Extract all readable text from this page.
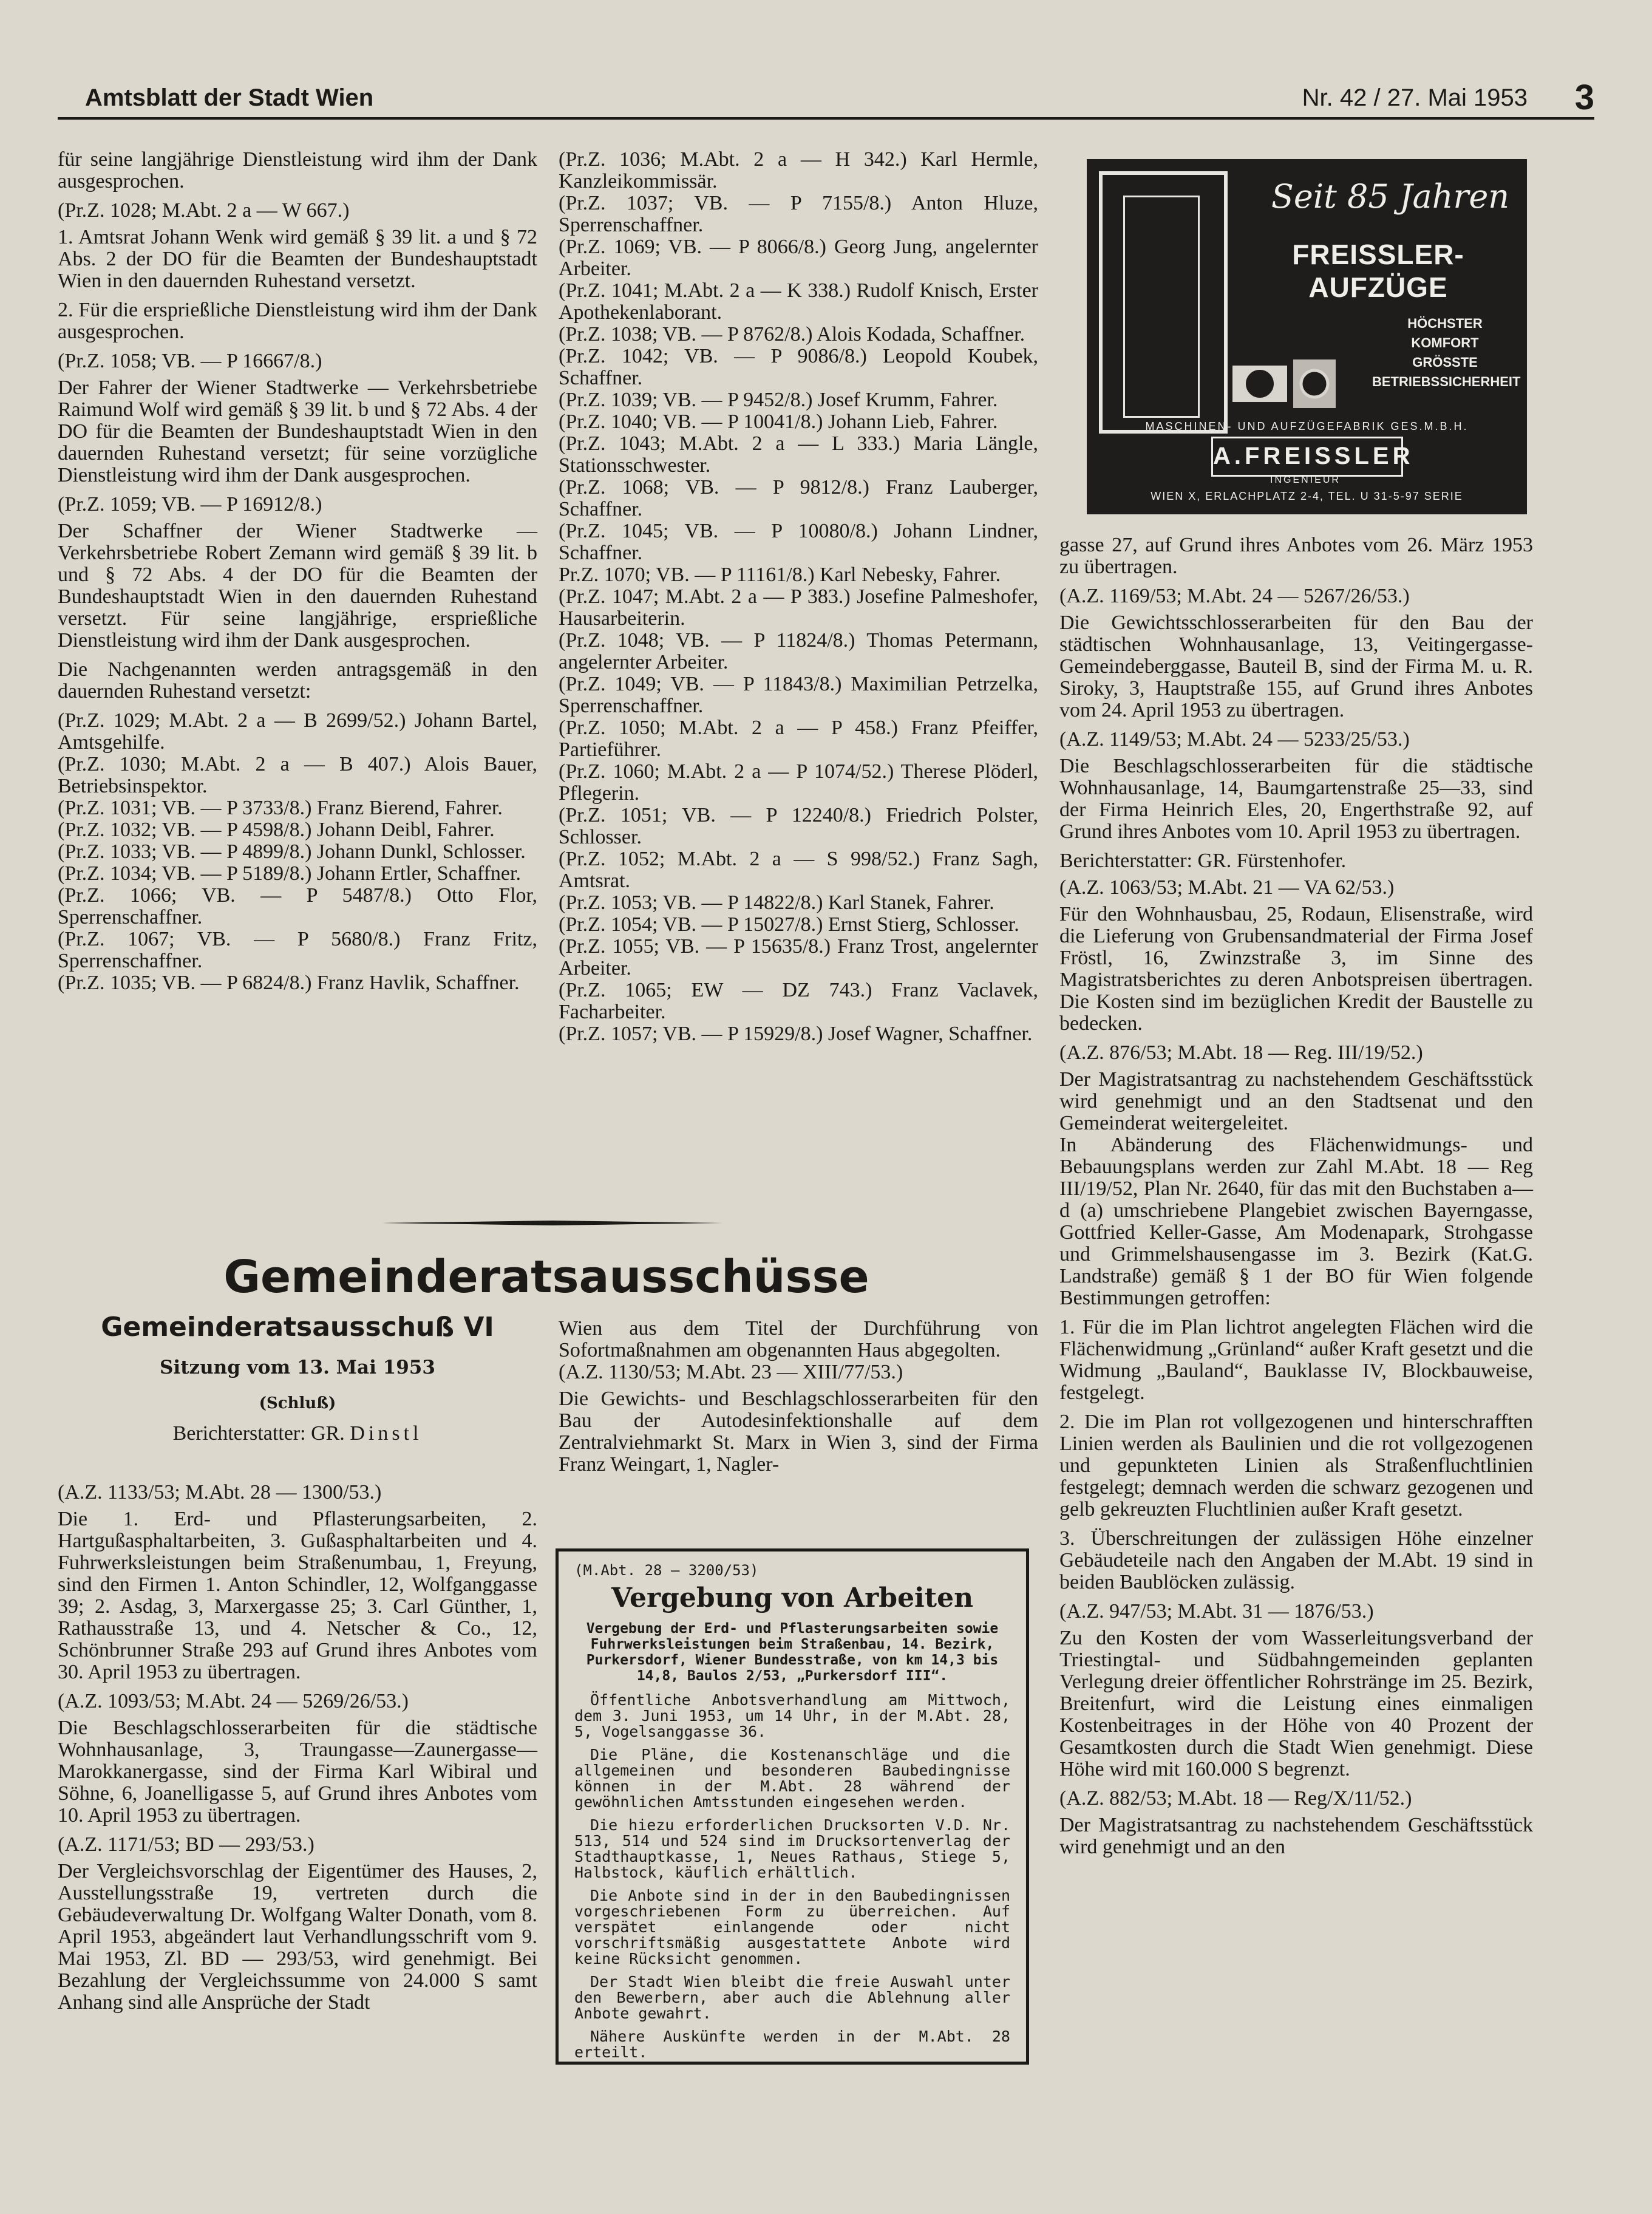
Amtsblatt der Stadt Wien	Nr. 42 / 27. Mai 1953 3

für seine langjährige Dienstleistung wird ihm der Dank ausgesprochen.

(Pr.Z. 1028; M.Abt. 2 a — W 667.)

1. Amtsrat Johann Wenk wird gemäß § 39 lit. a und § 72 Abs. 2 der DO für die Beamten der Bundeshauptstadt Wien in den dauernden Ruhestand versetzt.

2. Für die ersprießliche Dienstleistung wird ihm der Dank ausgesprochen.

(Pr.Z. 1058; VB. — P 16667/8.)

Der Fahrer der Wiener Stadtwerke — Verkehrsbetriebe Raimund Wolf wird gemäß § 39 lit. b und § 72 Abs. 4 der DO für die Beamten der Bundeshauptstadt Wien in den dauernden Ruhestand versetzt; für seine vorzügliche Dienstleistung wird ihm der Dank ausgesprochen.

(Pr.Z. 1059; VB. — P 16912/8.)

Der Schaffner der Wiener Stadtwerke — Verkehrsbetriebe Robert Zemann wird gemäß § 39 lit. b und § 72 Abs. 4 der DO für die Beamten der Bundeshauptstadt Wien in den dauernden Ruhestand versetzt. Für seine langjährige, ersprießliche Dienstleistung wird ihm der Dank ausgesprochen.

Die Nachgenannten werden antragsgemäß in den dauernden Ruhestand versetzt:

(Pr.Z. 1029; M.Abt. 2 a — B 2699/52.) Johann Bartel, Amtsgehilfe.

(Pr.Z. 1030; M.Abt. 2 a — B 407.) Alois Bauer, Betriebsinspektor.

(Pr.Z. 1031; VB. — P 3733/8.) Franz Bierend, Fahrer.

(Pr.Z. 1032; VB. — P 4598/8.) Johann Deibl, Fahrer.

(Pr.Z. 1033; VB. — P 4899/8.) Johann Dunkl, Schlosser.

(Pr.Z. 1034; VB. — P 5189/8.) Johann Ertler, Schaffner.

(Pr.Z. 1066; VB. — P 5487/8.) Otto Flor, Sperrenschaffner.

(Pr.Z. 1067; VB. — P 5680/8.) Franz Fritz, Sperrenschaffner.

(Pr.Z. 1035; VB. — P 6824/8.) Franz Havlik, Schaffner.

(Pr.Z. 1036; M.Abt. 2 a — H 342.) Karl Hermle, Kanzleikommissär.

(Pr.Z. 1037; VB. — P 7155/8.) Anton Hluze, Sperrenschaffner.

(Pr.Z. 1069; VB. — P 8066/8.) Georg Jung, angelernter Arbeiter.

(Pr.Z. 1041; M.Abt. 2 a — K 338.) Rudolf Knisch, Erster Apothekenlaborant.

(Pr.Z. 1038; VB. — P 8762/8.) Alois Kodada, Schaffner.

(Pr.Z. 1042; VB. — P 9086/8.) Leopold Koubek, Schaffner.

(Pr.Z. 1039; VB. — P 9452/8.) Josef Krumm, Fahrer.

(Pr.Z. 1040; VB. — P 10041/8.) Johann Lieb, Fahrer.

(Pr.Z. 1043; M.Abt. 2 a — L 333.) Maria Längle, Stationsschwester.

(Pr.Z. 1068; VB. — P 9812/8.) Franz Lauberger, Schaffner.

(Pr.Z. 1045; VB. — P 10080/8.) Johann Lindner, Schaffner.

Pr.Z. 1070; VB. — P 11161/8.) Karl Nebesky, Fahrer.

(Pr.Z. 1047; M.Abt. 2 a — P 383.) Josefine Palmeshofer, Hausarbeiterin.

(Pr.Z. 1048; VB. — P 11824/8.) Thomas Petermann, angelernter Arbeiter.

(Pr.Z. 1049; VB. — P 11843/8.) Maximilian Petrzelka, Sperrenschaffner.

(Pr.Z. 1050; M.Abt. 2 a — P 458.) Franz Pfeiffer, Partieführer.

(Pr.Z. 1060; M.Abt. 2 a — P 1074/52.) Therese Plöderl, Pflegerin.

(Pr.Z. 1051; VB. — P 12240/8.) Friedrich Polster, Schlosser.

(Pr.Z. 1052; M.Abt. 2 a — S 998/52.) Franz Sagh, Amtsrat.

(Pr.Z. 1053; VB. — P 14822/8.) Karl Stanek, Fahrer.

(Pr.Z. 1054; VB. — P 15027/8.) Ernst Stierg, Schlosser.

(Pr.Z. 1055; VB. — P 15635/8.) Franz Trost, angelernter Arbeiter.

(Pr.Z. 1065; EW — DZ 743.) Franz Vaclavek, Facharbeiter.

(Pr.Z. 1057; VB. — P 15929/8.) Josef Wagner, Schaffner.

Seit 85 Jahren
FREISSLER-AUFZÜGE
HÖCHSTER KOMFORT
GRÖSSTE
BETRIEBSSICHERHEIT
MASCHINEN- UND AUFZÜGEFABRIK GES.M.B.H.
A.FREISSLER
INGENIEUR
WIEN X, ERLACHPLATZ 2-4, TEL. U 31-5-97 SERIE

gasse 27, auf Grund ihres Anbotes vom 26. März 1953 zu übertragen.

(A.Z. 1169/53; M.Abt. 24 — 5267/26/53.)

Die Gewichtsschlosserarbeiten für den Bau der städtischen Wohnhausanlage, 13, Veitingergasse-Gemeindeberggasse, Bauteil B, sind der Firma M. u. R. Siroky, 3, Hauptstraße 155, auf Grund ihres Anbotes vom 24. April 1953 zu übertragen.

(A.Z. 1149/53; M.Abt. 24 — 5233/25/53.)

Die Beschlagschlosserarbeiten für die städtische Wohnhausanlage, 14, Baumgartenstraße 25—33, sind der Firma Heinrich Eles, 20, Engerthstraße 92, auf Grund ihres Anbotes vom 10. April 1953 zu übertragen.

Berichterstatter: GR. Fürstenhofer.

(A.Z. 1063/53; M.Abt. 21 — VA 62/53.)

Für den Wohnhausbau, 25, Rodaun, Elisenstraße, wird die Lieferung von Grubensandmaterial der Firma Josef Fröstl, 16, Zwinzstraße 3, im Sinne des Magistratsberichtes zu deren Anbotspreisen übertragen. Die Kosten sind im bezüglichen Kredit der Baustelle zu bedecken.

(A.Z. 876/53; M.Abt. 18 — Reg. III/19/52.)

Der Magistratsantrag zu nachstehendem Geschäftsstück wird genehmigt und an den Stadtsenat und den Gemeinderat weitergeleitet.

In Abänderung des Flächenwidmungs- und Bebauungsplans werden zur Zahl M.Abt. 18 — Reg III/19/52, Plan Nr. 2640, für das mit den Buchstaben a—d (a) umschriebene Plangebiet zwischen Bayerngasse, Gottfried Keller-Gasse, Am Modenapark, Strohgasse und Grimmelshausengasse im 3. Bezirk (Kat.G. Landstraße) gemäß § 1 der BO für Wien folgende Bestimmungen getroffen:

1. Für die im Plan lichtrot angelegten Flächen wird die Flächenwidmung „Grünland“ außer Kraft gesetzt und die Widmung „Bauland“, Bauklasse IV, Blockbauweise, festgelegt.

2. Die im Plan rot vollgezogenen und hinterschrafften Linien werden als Baulinien und die rot vollgezogenen und gepunkteten Linien als Straßenfluchtlinien festgelegt; demnach werden die schwarz gezogenen und gelb gekreuzten Fluchtlinien außer Kraft gesetzt.

3. Überschreitungen der zulässigen Höhe einzelner Gebäudeteile nach den Angaben der M.Abt. 19 sind in beiden Baublöcken zulässig.

(A.Z. 947/53; M.Abt. 31 — 1876/53.)

Zu den Kosten der vom Wasserleitungsverband der Triestingtal- und Südbahngemeinden geplanten Verlegung dreier öffentlicher Rohrstränge im 25. Bezirk, Breitenfurt, wird die Leistung eines einmaligen Kostenbeitrages in der Höhe von 40 Prozent der Gesamtkosten durch die Stadt Wien genehmigt. Diese Höhe wird mit 160.000 S begrenzt.

(A.Z. 882/53; M.Abt. 18 — Reg/X/11/52.)

Der Magistratsantrag zu nachstehendem Geschäftsstück wird genehmigt und an den

Gemeinderatsausschüsse
Gemeinderatsausschuß VI
Sitzung vom 13. Mai 1953
(Schluß)
Berichterstatter: GR. Dinstl

(A.Z. 1133/53; M.Abt. 28 — 1300/53.)

Die 1. Erd- und Pflasterungsarbeiten, 2. Hartgußasphaltarbeiten, 3. Gußasphaltarbeiten und 4. Fuhrwerksleistungen beim Straßenumbau, 1, Freyung, sind den Firmen 1. Anton Schindler, 12, Wolfganggasse 39; 2. Asdag, 3, Marxergasse 25; 3. Carl Günther, 1, Rathausstraße 13, und 4. Netscher & Co., 12, Schönbrunner Straße 293 auf Grund ihres Anbotes vom 30. April 1953 zu übertragen.

(A.Z. 1093/53; M.Abt. 24 — 5269/26/53.)

Die Beschlagschlosserarbeiten für die städtische Wohnhausanlage, 3, Traungasse—Zaunergasse—Marokkanergasse, sind der Firma Karl Wibiral und Söhne, 6, Joanelligasse 5, auf Grund ihres Anbotes vom 10. April 1953 zu übertragen.

(A.Z. 1171/53; BD — 293/53.)

Der Vergleichsvorschlag der Eigentümer des Hauses, 2, Ausstellungsstraße 19, vertreten durch die Gebäudeverwaltung Dr. Wolfgang Walter Donath, vom 8. April 1953, abgeändert laut Verhandlungsschrift vom 9. Mai 1953, Zl. BD — 293/53, wird genehmigt. Bei Bezahlung der Vergleichssumme von 24.000 S samt Anhang sind alle Ansprüche der Stadt

Wien aus dem Titel der Durchführung von Sofortmaßnahmen am obgenannten Haus abgegolten.

(A.Z. 1130/53; M.Abt. 23 — XIII/77/53.)

Die Gewichts- und Beschlagschlosserarbeiten für den Bau der Autodesinfektionshalle auf dem Zentralviehmarkt St. Marx in Wien 3, sind der Firma Franz Weingart, 1, Nagler-

(M.Abt. 28 — 3200/53)
Vergebung von Arbeiten
Vergebung der Erd- und Pflasterungsarbeiten sowie Fuhrwerksleistungen beim Straßenbau, 14. Bezirk, Purkersdorf, Wiener Bundesstraße, von km 14,3 bis 14,8, Baulos 2/53, „Purkersdorf III“.

Öffentliche Anbotsverhandlung am Mittwoch, dem 3. Juni 1953, um 14 Uhr, in der M.Abt. 28, 5, Vogelsanggasse 36.

Die Pläne, die Kostenanschläge und die allgemeinen und besonderen Baubedingnisse können in der M.Abt. 28 während der gewöhnlichen Amtsstunden eingesehen werden.

Die hiezu erforderlichen Drucksorten V.D. Nr. 513, 514 und 524 sind im Drucksortenverlag der Stadthauptkasse, 1, Neues Rathaus, Stiege 5, Halbstock, käuflich erhältlich.

Die Anbote sind in der in den Baubedingnissen vorgeschriebenen Form zu überreichen. Auf verspätet einlangende oder nicht vorschriftsmäßig ausgestattete Anbote wird keine Rücksicht genommen.

Der Stadt Wien bleibt die freie Auswahl unter den Bewerbern, aber auch die Ablehnung aller Anbote gewahrt.

Nähere Auskünfte werden in der M.Abt. 28 erteilt.
